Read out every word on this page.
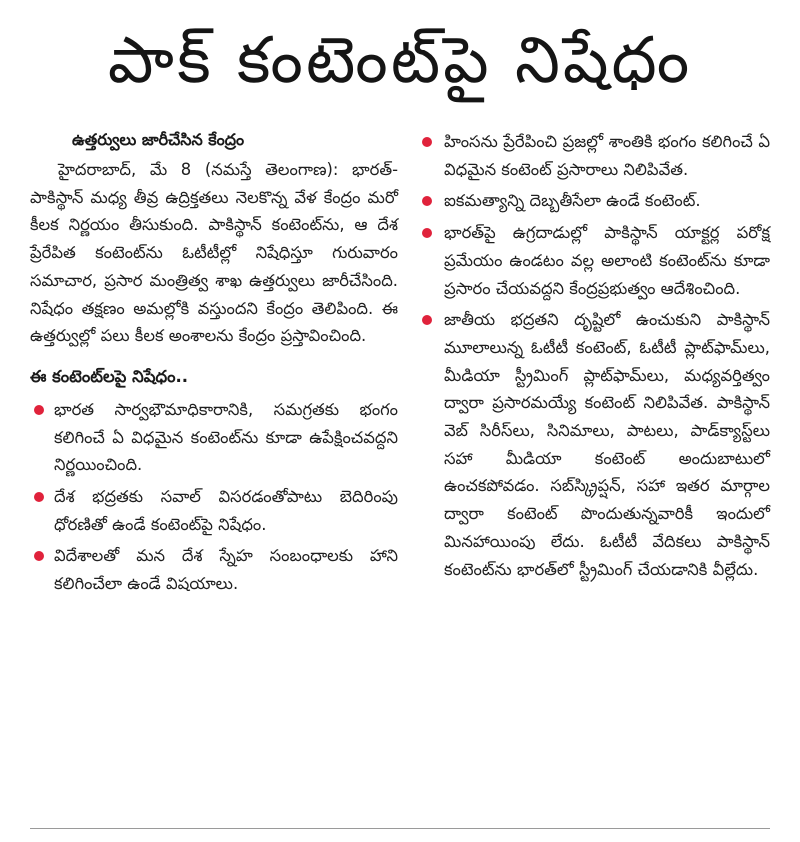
పాక్‌ కంటెంట్‌పై నిషేధం
ఉత్తర్వులు జారీచేసిన కేంద్రం

హైదరాబాద్‌, మే 8 (నమస్తే తెలంగాణ): భారత్‌-పాకిస్థాన్‌ మధ్య తీవ్ర ఉద్రిక్తతలు నెలకొన్న వేళ కేంద్రం మరో కీలక నిర్ణయం తీసుకుంది. పాకిస్థాన్‌ కంటెంట్‌ను, ఆ దేశ ప్రేరేపిత కంటెంట్‌ను ఓటీటీల్లో నిషేధిస్తూ గురువారం సమాచార, ప్రసార మంత్రిత్వ శాఖ ఉత్తర్వులు జారీచేసింది. నిషేధం తక్షణం అమల్లోకి వస్తుందని కేంద్రం తెలిపింది. ఈ ఉత్తర్వుల్లో పలు కీలక అంశాలను కేంద్రం ప్రస్తావించింది.

ఈ కంటెంట్‌లపై నిషేధం..
భారత సార్వభౌమాధికారానికి, సమగ్రతకు భంగం కలిగించే ఏ విధమైన కంటెంట్‌ను కూడా ఉపేక్షించవద్దని నిర్ణయించింది.
దేశ భద్రతకు సవాల్‌ విసరడంతోపాటు బెదిరింపు ధోరణితో ఉండే కంటెంట్‌పై నిషేధం.
విదేశాలతో మన దేశ స్నేహ సంబంధాలకు హాని కలిగించేలా ఉండే విషయాలు.
హింసను ప్రేరేపించి ప్రజల్లో శాంతికి భంగం కలిగించే ఏ విధమైన కంటెంట్‌ ప్రసారాలు నిలిపివేత.
ఐకమత్యాన్ని దెబ్బతీసేలా ఉండే కంటెంట్‌.
భారత్‌పై ఉగ్రదాడుల్లో పాకిస్థాన్‌ యాక్టర్ల పరోక్ష ప్రమేయం ఉండటం వల్ల అలాంటి కంటెంట్‌ను కూడా ప్రసారం చేయవద్దని కేంద్రప్రభుత్వం ఆదేశించింది.
జాతీయ భద్రతని దృష్టిలో ఉంచుకుని పాకిస్థాన్‌ మూలాలున్న ఓటీటీ కంటెంట్‌, ఓటీటీ ప్లాట్‌ఫామ్‌లు, మీడియా స్ట్రీమింగ్‌ ప్లాట్‌ఫామ్‌లు, మధ్యవర్తిత్వం ద్వారా ప్రసారమయ్యే కంటెంట్‌ నిలిపివేత. పాకిస్థాన్‌ వెబ్‌ సిరీస్‌లు, సినిమాలు, పాటలు, పాడ్‌క్యాస్ట్‌లు సహా మీడియా కంటెంట్‌ అందుబాటులో ఉంచకపోవడం. సబ్‌స్క్రిప్షన్‌, సహా ఇతర మార్గాల ద్వారా కంటెంట్‌ పొందుతున్నవారికీ ఇందులో మినహాయింపు లేదు. ఓటీటీ వేదికలు పాకిస్థాన్‌ కంటెంట్‌ను భారత్‌లో స్ట్రీమింగ్‌ చేయడానికి వీల్లేదు.
